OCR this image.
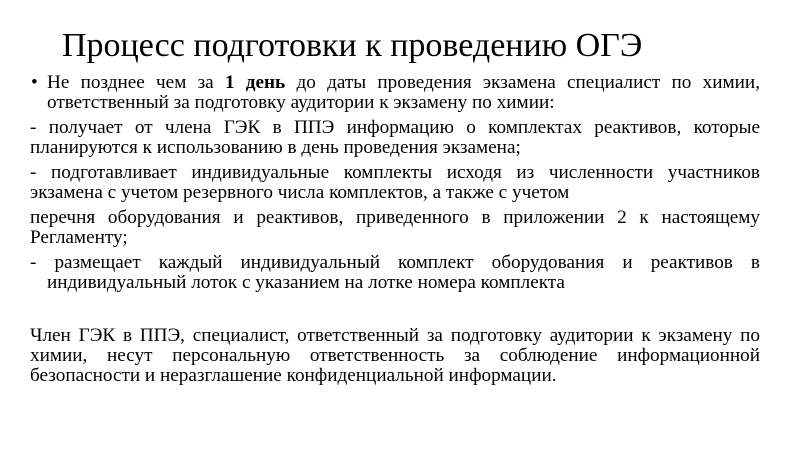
Процесс подготовки к проведению ОГЭ
• Не позднее чем за 1 день до даты проведения экзамена специалист по химии, ответственный за подготовку аудитории к экзамену по химии:
- получает от члена ГЭК в ППЭ информацию о комплектах реактивов, которые планируются к использованию в день проведения экзамена;
- подготавливает индивидуальные комплекты исходя из численности участников экзамена с учетом резервного числа комплектов, а также с учетом
перечня оборудования и реактивов, приведенного в приложении 2 к настоящему Регламенту;
- размещает каждый индивидуальный комплект оборудования и реактивов в индивидуальный лоток с указанием на лотке номера комплекта
Член ГЭК в ППЭ, специалист, ответственный за подготовку аудитории к экзамену по химии, несут персональную ответственность за соблюдение информационной безопасности и неразглашение конфиденциальной информации.
